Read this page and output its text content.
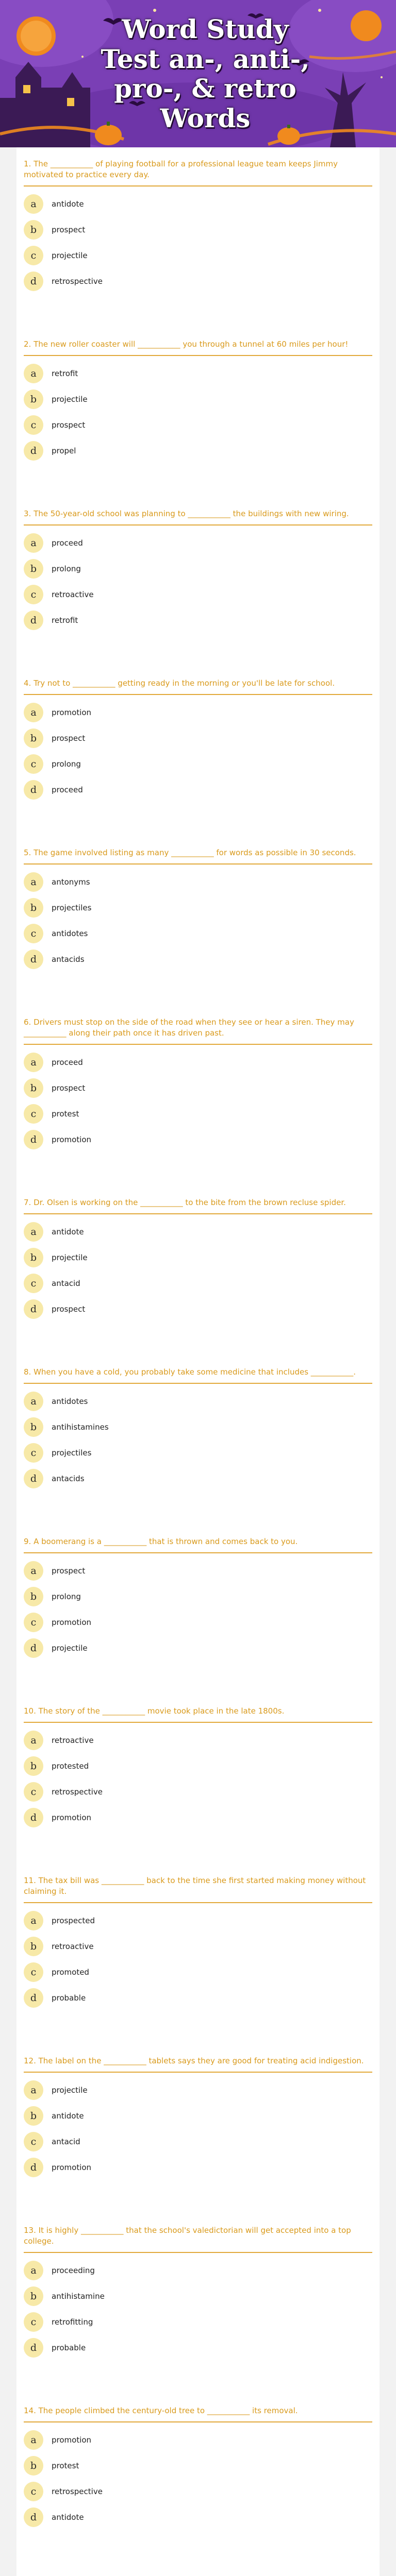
Word Study Test an-, anti-, pro-, & retro Words

1. The ___________ of playing football for a professional league team keeps Jimmy motivated to practice every day.

a	antidote
b	prospect
c	projectile
d	retrospective

2. The new roller coaster will ___________ you through a tunnel at 60 miles per hour!

a	retrofit
b	projectile
c	prospect
d	propel

3. The 50-year-old school was planning to ___________ the buildings with new wiring.

a	proceed
b	prolong
c	retroactive
d	retrofit

4. Try not to ___________ getting ready in the morning or you'll be late for school.

a	promotion
b	prospect
c	prolong
d	proceed

5. The game involved listing as many ___________ for words as possible in 30 seconds.

a	antonyms
b	projectiles
c	antidotes
d	antacids

6. Drivers must stop on the side of the road when they see or hear a siren. They may ___________ along their path once it has driven past.

a	proceed
b	prospect
c	protest
d	promotion

7. Dr. Olsen is working on the ___________ to the bite from the brown recluse spider.

a	antidote
b	projectile
c	antacid
d	prospect

8. When you have a cold, you probably take some medicine that includes ___________.

a	antidotes
b	antihistamines
c	projectiles
d	antacids

9. A boomerang is a ___________ that is thrown and comes back to you.

a	prospect
b	prolong
c	promotion
d	projectile

10. The story of the ___________ movie took place in the late 1800s.

a	retroactive
b	protested
c	retrospective
d	promotion

11. The tax bill was ___________ back to the time she first started making money without claiming it.

a	prospected
b	retroactive
c	promoted
d	probable

12. The label on the ___________ tablets says they are good for treating acid indigestion.

a	projectile
b	antidote
c	antacid
d	promotion

13. It is highly ___________ that the school's valedictorian will get accepted into a top college.

a	proceeding
b	antihistamine
c	retrofitting
d	probable

14. The people climbed the century-old tree to ___________ its removal.

a	promotion
b	protest
c	retrospective
d	antidote
